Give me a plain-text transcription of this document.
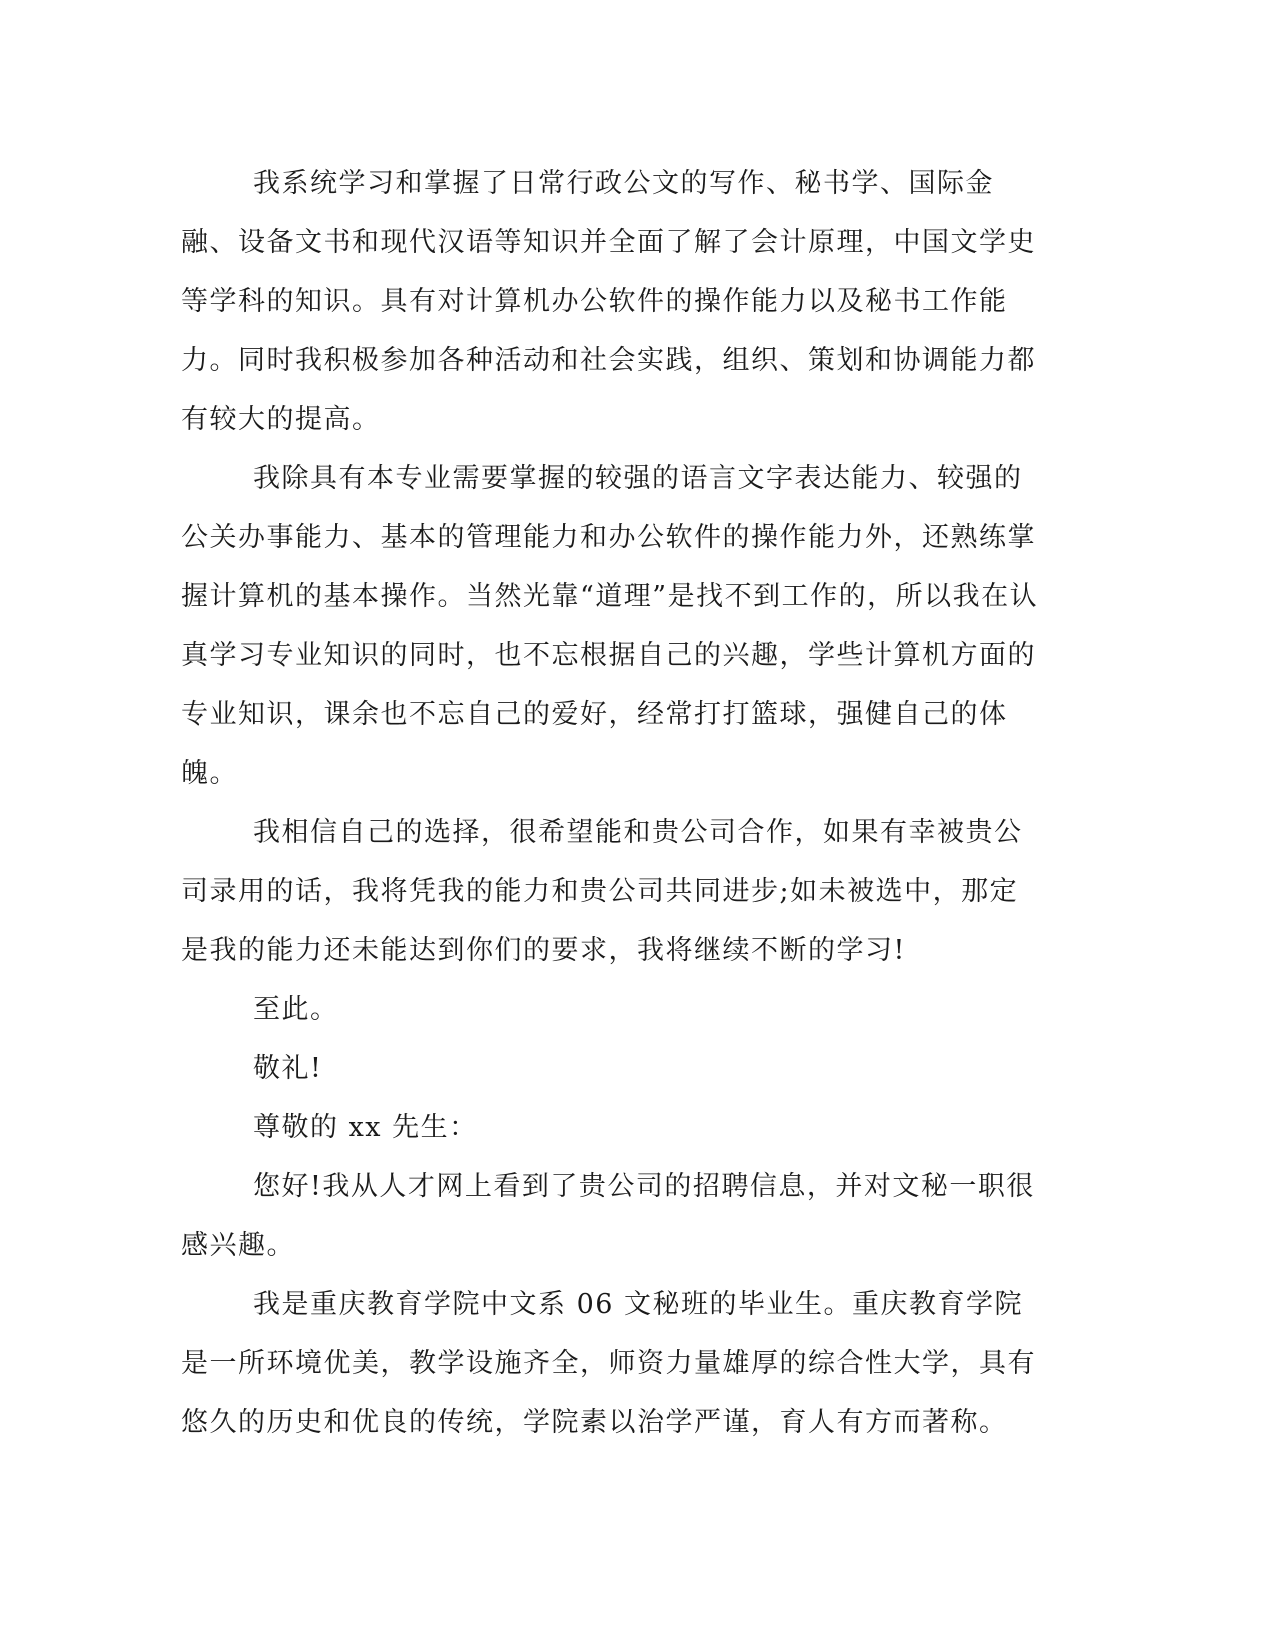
我系统学习和掌握了日常行政公文的写作、秘书学、国际金融、设备文书和现代汉语等知识并全面了解了会计原理，中国文学史等学科的知识。具有对计算机办公软件的操作能力以及秘书工作能力。同时我积极参加各种活动和社会实践，组织、策划和协调能力都有较大的提高。

我除具有本专业需要掌握的较强的语言文字表达能力、较强的公关办事能力、基本的管理能力和办公软件的操作能力外，还熟练掌握计算机的基本操作。当然光靠“道理”是找不到工作的，所以我在认真学习专业知识的同时，也不忘根据自己的兴趣，学些计算机方面的专业知识，课余也不忘自己的爱好，经常打打篮球，强健自己的体魄。

我相信自己的选择，很希望能和贵公司合作，如果有幸被贵公司录用的话，我将凭我的能力和贵公司共同进步;如未被选中，那定是我的能力还未能达到你们的要求，我将继续不断的学习!

至此。

敬礼!

尊敬的 xx 先生：

您好!我从人才网上看到了贵公司的招聘信息，并对文秘一职很感兴趣。

我是重庆教育学院中文系 06 文秘班的毕业生。重庆教育学院是一所环境优美，教学设施齐全，师资力量雄厚的综合性大学，具有悠久的历史和优良的传统，学院素以治学严谨，育人有方而著称。
